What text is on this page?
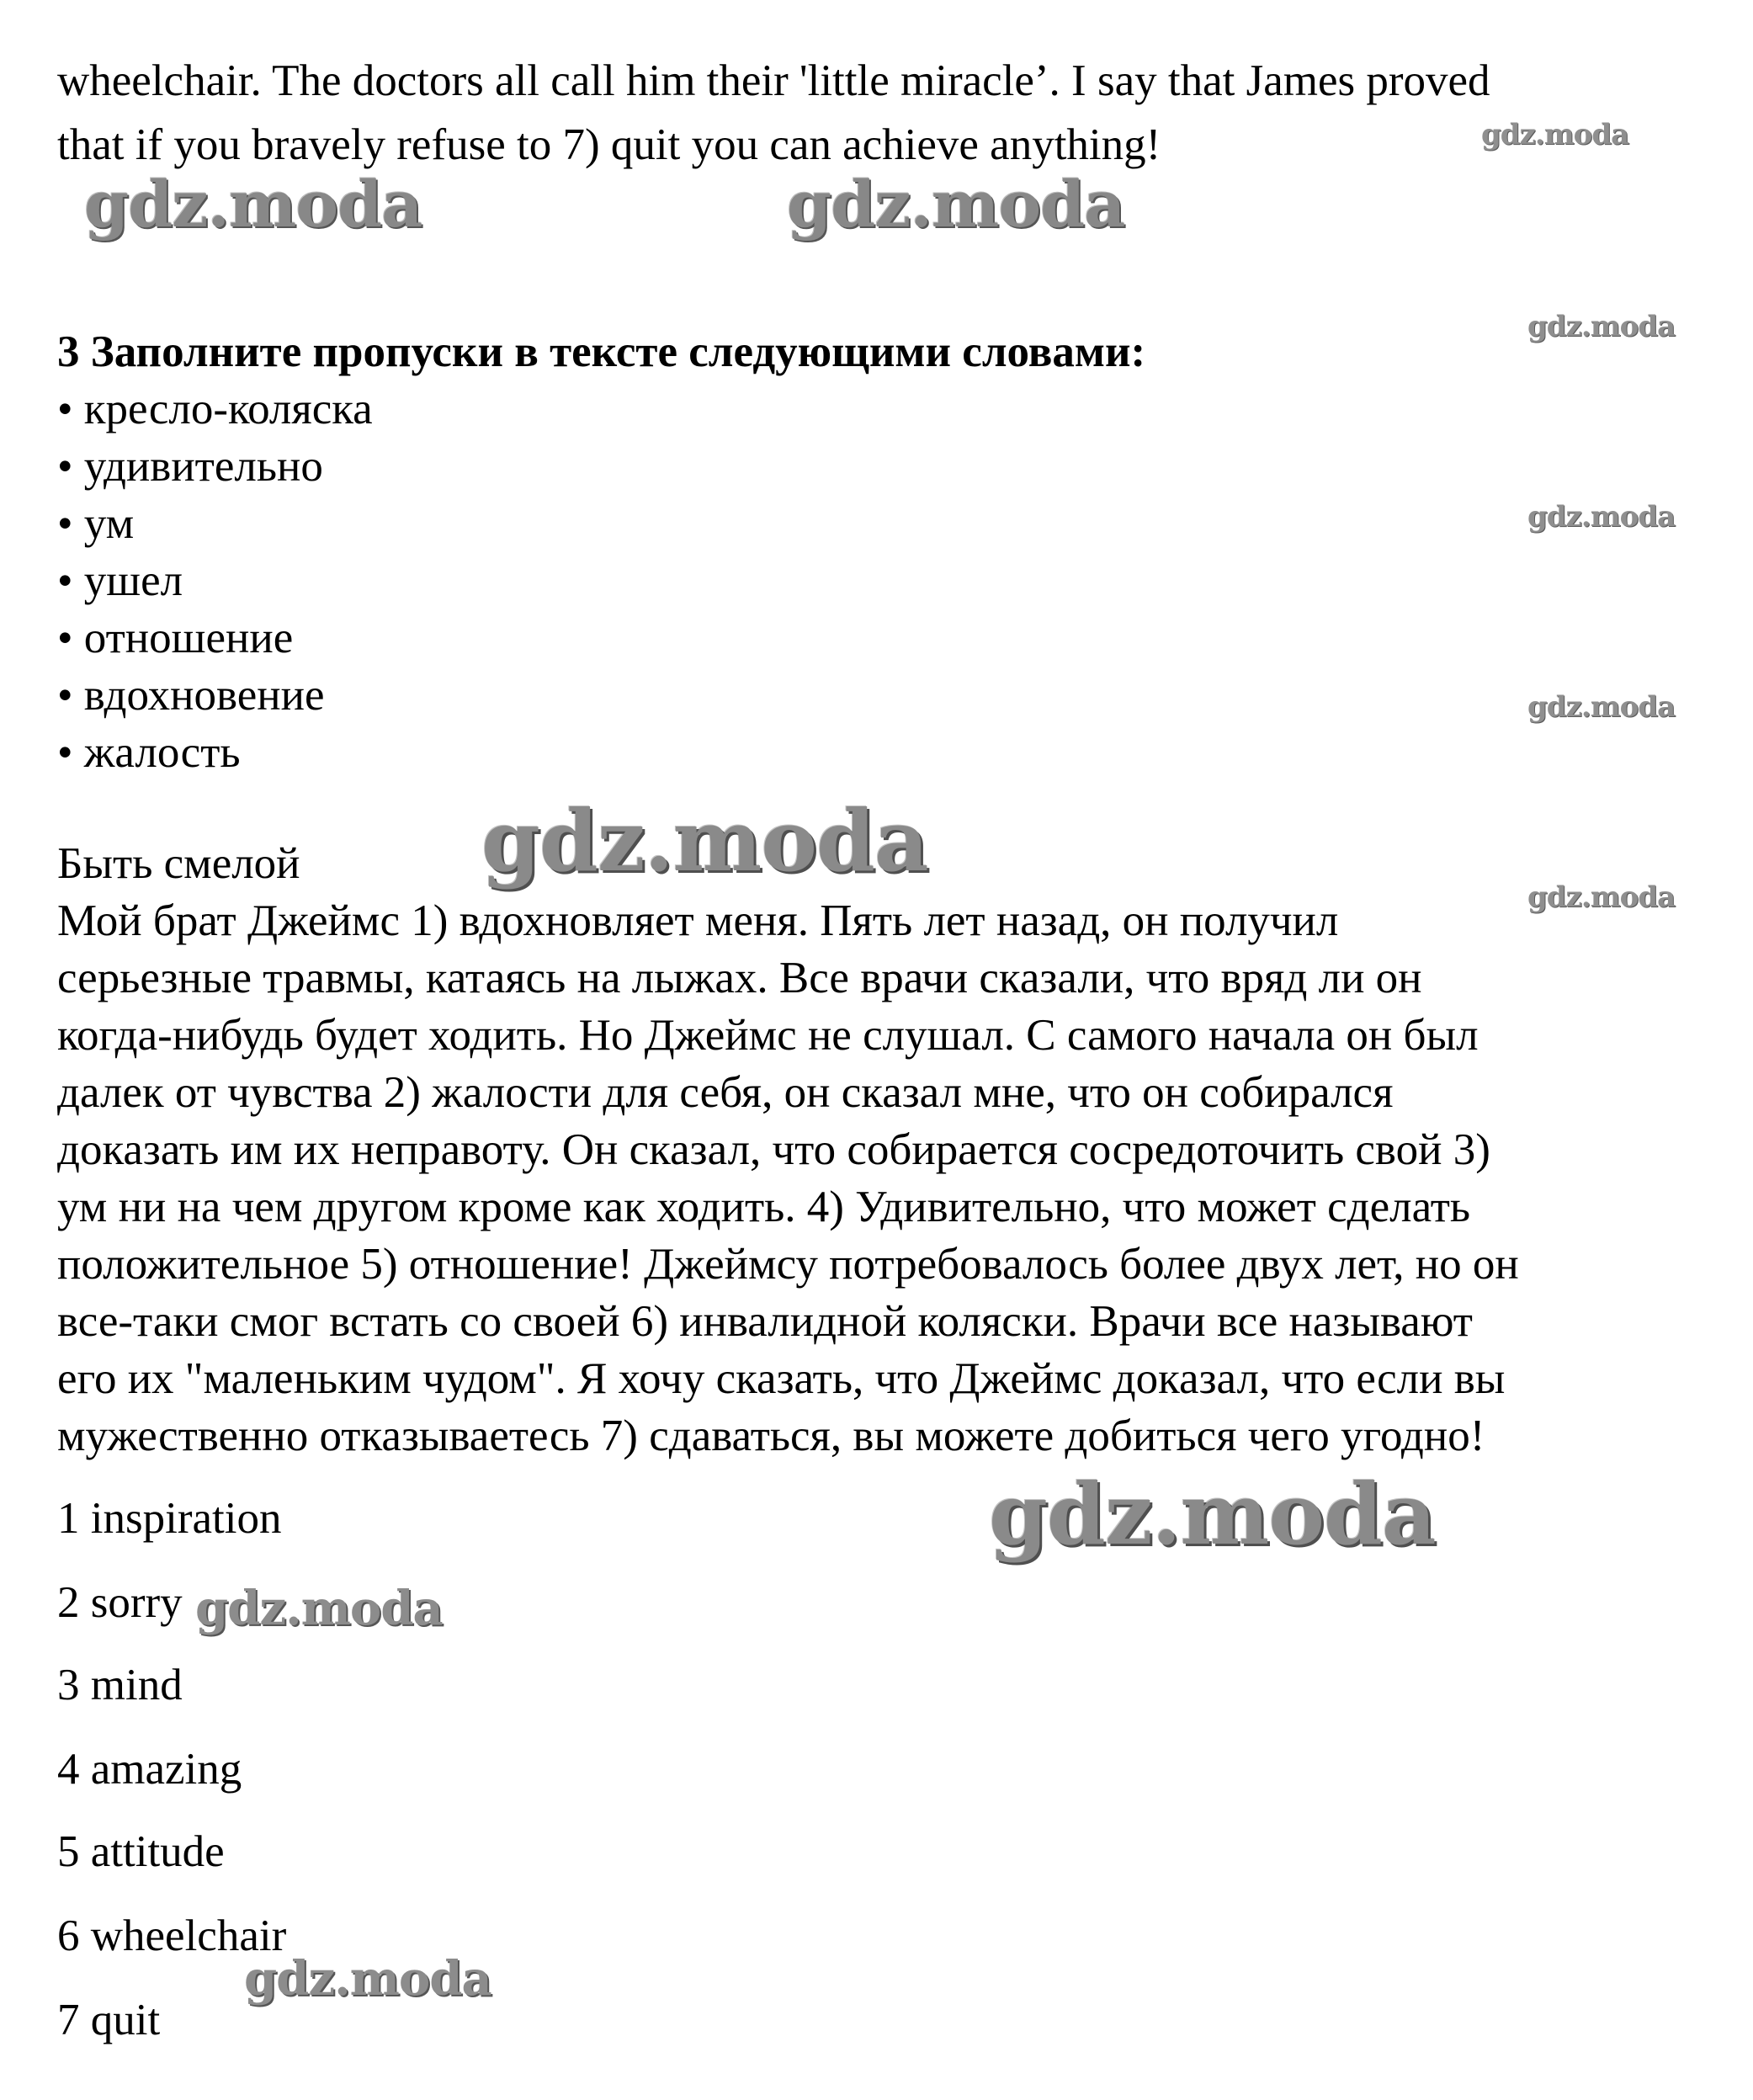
wheelchair. The doctors all call him their 'little miracle’. I say that James proved
that if you bravely refuse to 7) quit you can achieve anything!
3 Заполните пропуски в тексте следующими словами:
• кресло-коляска
• удивительно
• ум
• ушел
• отношение
• вдохновение
• жалость
Быть смелой
Мой брат Джеймс 1) вдохновляет меня. Пять лет назад, он получил
серьезные травмы, катаясь на лыжах. Все врачи сказали, что вряд ли он
когда-нибудь будет ходить. Но Джеймс не слушал. С самого начала он был
далек от чувства 2) жалости для себя, он сказал мне, что он собирался
доказать им их неправоту. Он сказал, что собирается сосредоточить свой 3)
ум ни на чем другом кроме как ходить. 4) Удивительно, что может сделать
положительное 5) отношение! Джеймсу потребовалось более двух лет, но он
все-таки смог встать со своей 6) инвалидной коляски. Врачи все называют
его их "маленьким чудом". Я хочу сказать, что Джеймс доказал, что если вы
мужественно отказываетесь 7) сдаваться, вы можете добиться чего угодно!
1 inspiration
2 sorry
3 mind
4 amazing
5 attitude
6 wheelchair
7 quit
gdz.moda
gdz.moda	gdz.moda
gdz.moda
gdz.moda
gdz.moda
gdz.moda
gdz.moda
gdz.moda
gdz.moda
gdz.moda
